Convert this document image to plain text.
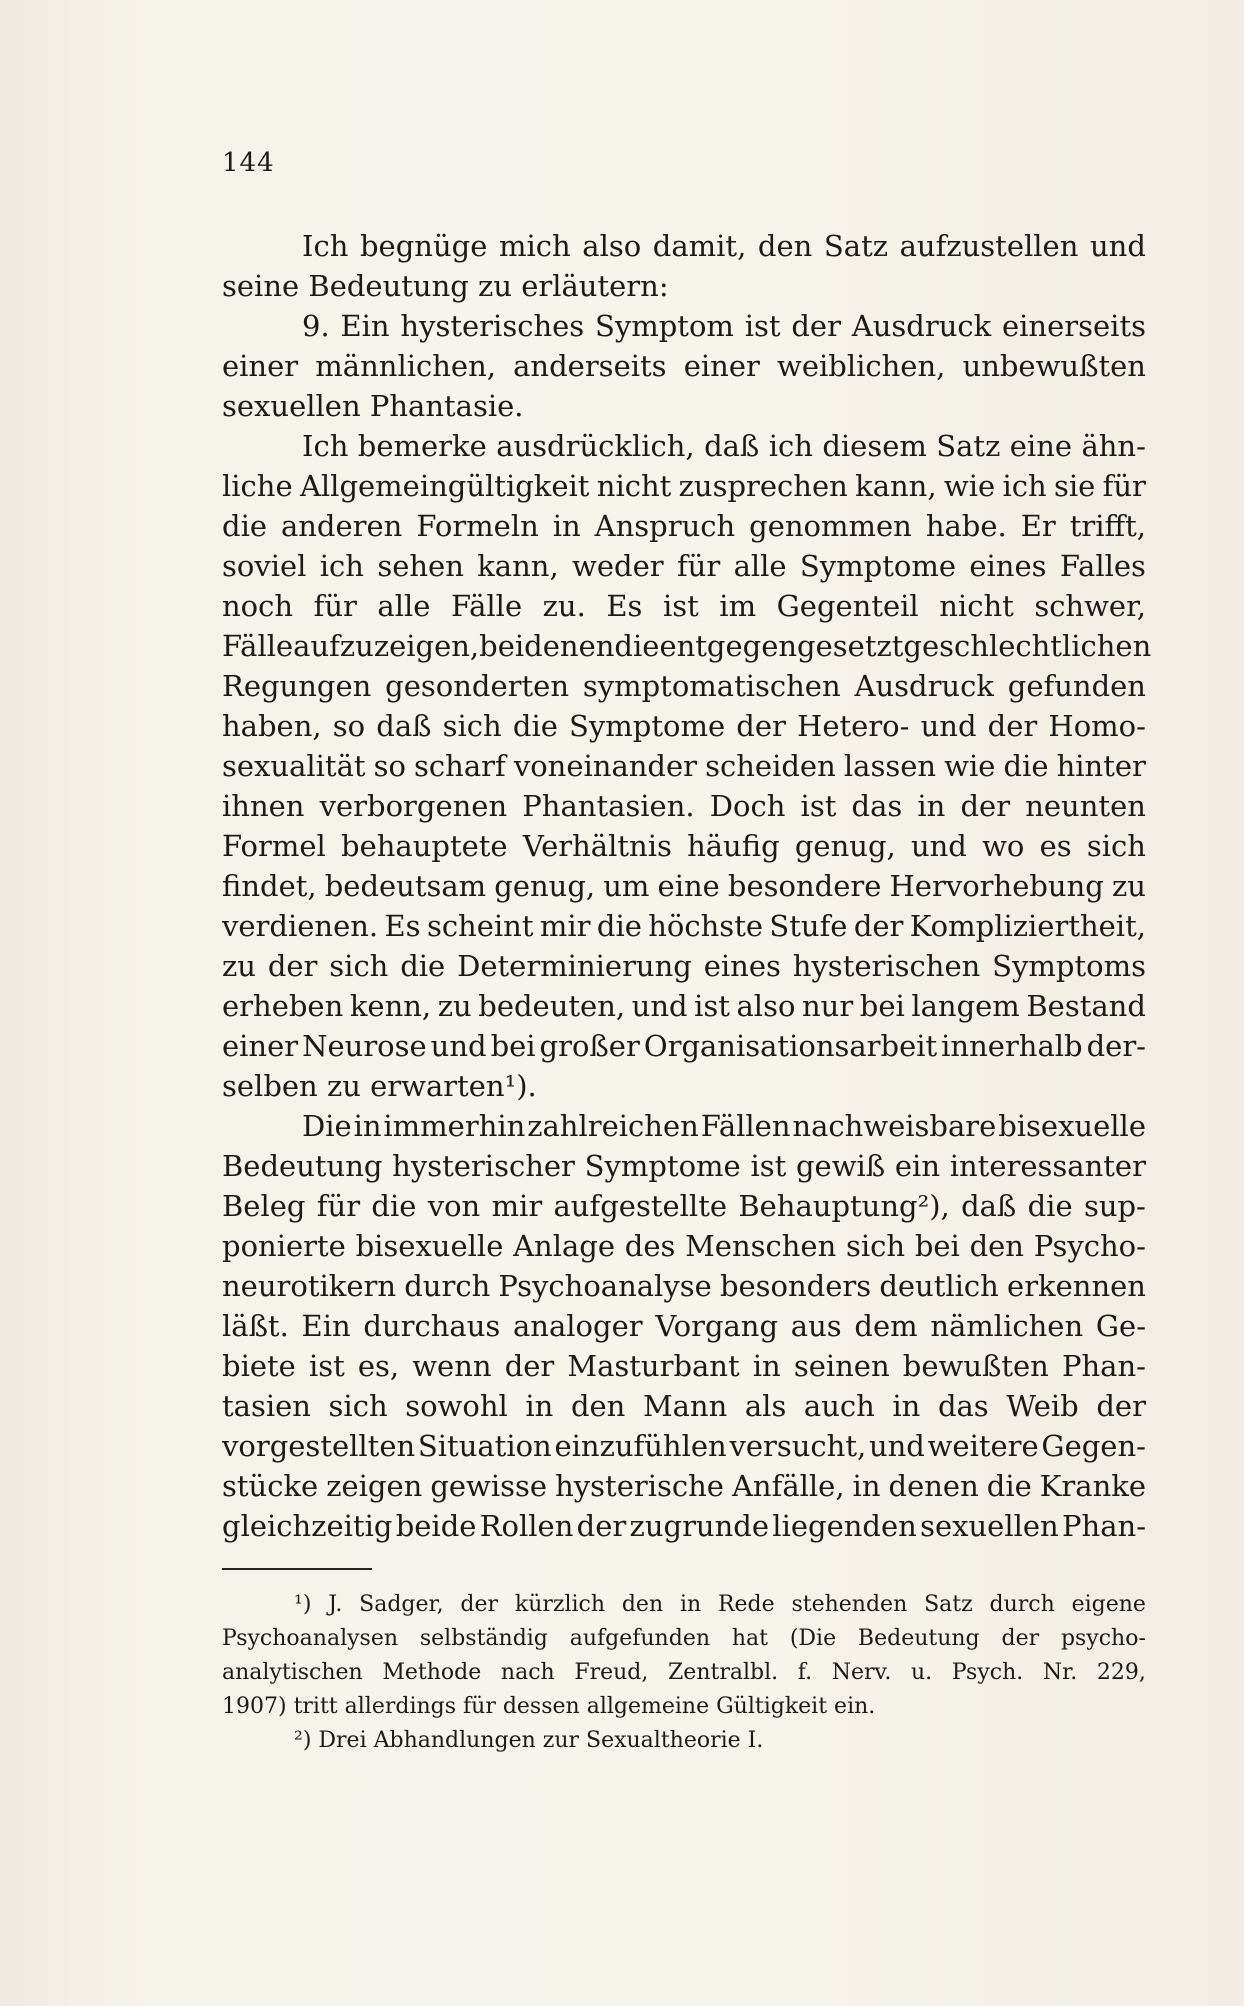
144
Ich begnüge mich also damit, den Satz aufzustellen und
seine Bedeutung zu erläutern:
9. Ein hysterisches Symptom ist der Ausdruck einerseits
einer männlichen, anderseits einer weiblichen, unbewußten
sexuellen Phantasie.
Ich bemerke ausdrücklich, daß ich diesem Satz eine ähn-
liche Allgemeingültigkeit nicht zusprechen kann, wie ich sie für
die anderen Formeln in Anspruch genommen habe. Er trifft,
soviel ich sehen kann, weder für alle Symptome eines Falles
noch für alle Fälle zu. Es ist im Gegenteil nicht schwer,
Fälle aufzuzeigen, bei denen die entgegengesetzt geschlechtlichen
Regungen gesonderten symptomatischen Ausdruck gefunden
haben, so daß sich die Symptome der Hetero- und der Homo-
sexualität so scharf voneinander scheiden lassen wie die hinter
ihnen verborgenen Phantasien. Doch ist das in der neunten
Formel behauptete Verhältnis häufig genug, und wo es sich
findet, bedeutsam genug, um eine besondere Hervorhebung zu
verdienen. Es scheint mir die höchste Stufe der Kompliziertheit,
zu der sich die Determinierung eines hysterischen Symptoms
erheben kenn, zu bedeuten, und ist also nur bei langem Bestand
einer Neurose und bei großer Organisationsarbeit innerhalb der-
selben zu erwarten¹).
Die in immerhin zahlreichen Fällen nachweisbare bisexuelle
Bedeutung hysterischer Symptome ist gewiß ein interessanter
Beleg für die von mir aufgestellte Behauptung²), daß die sup-
ponierte bisexuelle Anlage des Menschen sich bei den Psycho-
neurotikern durch Psychoanalyse besonders deutlich erkennen
läßt. Ein durchaus analoger Vorgang aus dem nämlichen Ge-
biete ist es, wenn der Masturbant in seinen bewußten Phan-
tasien sich sowohl in den Mann als auch in das Weib der
vorgestellten Situation einzufühlen versucht, und weitere Gegen-
stücke zeigen gewisse hysterische Anfälle, in denen die Kranke
gleichzeitig beide Rollen der zugrunde liegenden sexuellen Phan-
¹) J. Sadger, der kürzlich den in Rede stehenden Satz durch eigene
Psychoanalysen selbständig aufgefunden hat (Die Bedeutung der psycho-
analytischen Methode nach Freud, Zentralbl. f. Nerv. u. Psych. Nr. 229,
1907) tritt allerdings für dessen allgemeine Gültigkeit ein.
²) Drei Abhandlungen zur Sexualtheorie I.
